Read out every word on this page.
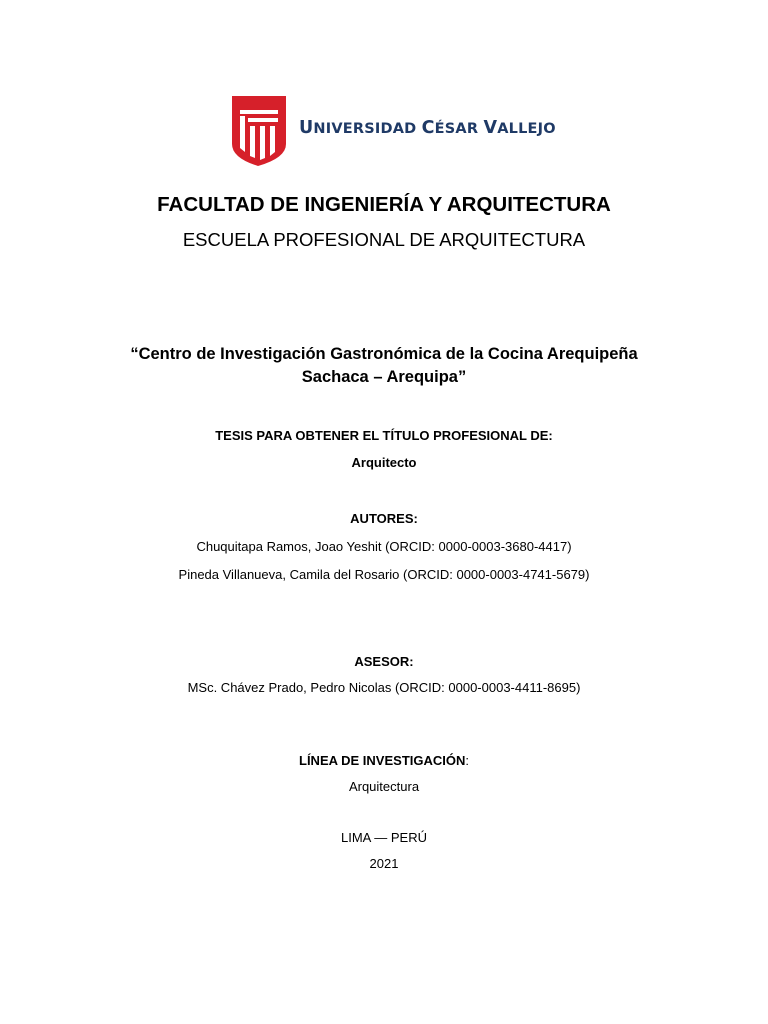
UNIVERSIDAD CÉSAR VALLEJO
FACULTAD DE INGENIERÍA Y ARQUITECTURA
ESCUELA PROFESIONAL DE ARQUITECTURA
“Centro de Investigación Gastronómica de la Cocina Arequipeña
Sachaca – Arequipa”
TESIS PARA OBTENER EL TÍTULO PROFESIONAL DE:
Arquitecto
AUTORES:
Chuquitapa Ramos, Joao Yeshit (ORCID: 0000-0003-3680-4417)
Pineda Villanueva, Camila del Rosario (ORCID: 0000-0003-4741-5679)
ASESOR:
MSc. Chávez Prado, Pedro Nicolas (ORCID: 0000-0003-4411-8695)
LÍNEA DE INVESTIGACIÓN:
Arquitectura
LIMA — PERÚ
2021
